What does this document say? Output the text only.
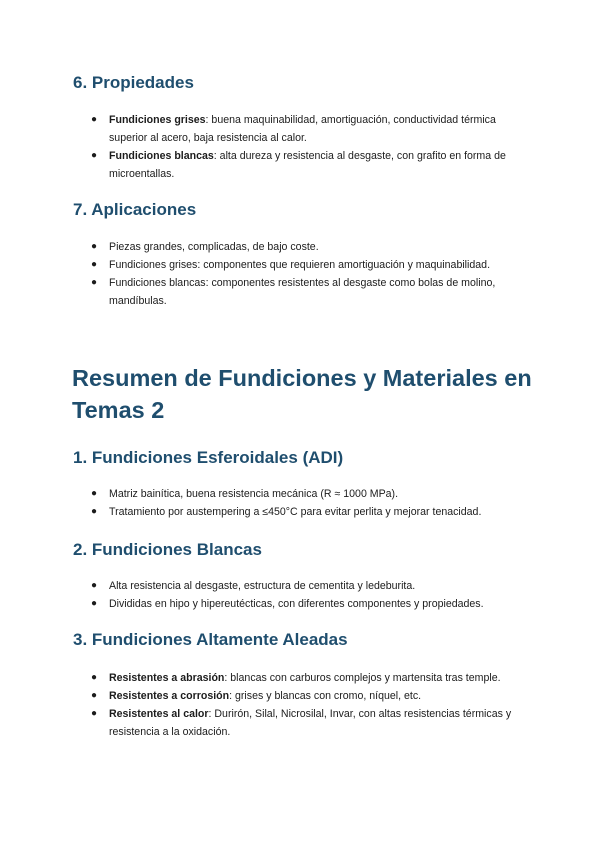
6. Propiedades
● Fundiciones grises: buena maquinabilidad, amortiguación, conductividad térmica superior al acero, baja resistencia al calor.
● Fundiciones blancas: alta dureza y resistencia al desgaste, con grafito en forma de microentallas.
7. Aplicaciones
● Piezas grandes, complicadas, de bajo coste.
● Fundiciones grises: componentes que requieren amortiguación y maquinabilidad.
● Fundiciones blancas: componentes resistentes al desgaste como bolas de molino, mandíbulas.
Resumen de Fundiciones y Materiales en Temas 2
1. Fundiciones Esferoidales (ADI)
● Matriz bainítica, buena resistencia mecánica (R ≈ 1000 MPa).
● Tratamiento por austempering a ≤450°C para evitar perlita y mejorar tenacidad.
2. Fundiciones Blancas
● Alta resistencia al desgaste, estructura de cementita y ledeburita.
● Divididas en hipo y hipereutécticas, con diferentes componentes y propiedades.
3. Fundiciones Altamente Aleadas
● Resistentes a abrasión: blancas con carburos complejos y martensita tras temple.
● Resistentes a corrosión: grises y blancas con cromo, níquel, etc.
● Resistentes al calor: Durirón, Silal, Nicrosilal, Invar, con altas resistencias térmicas y resistencia a la oxidación.
